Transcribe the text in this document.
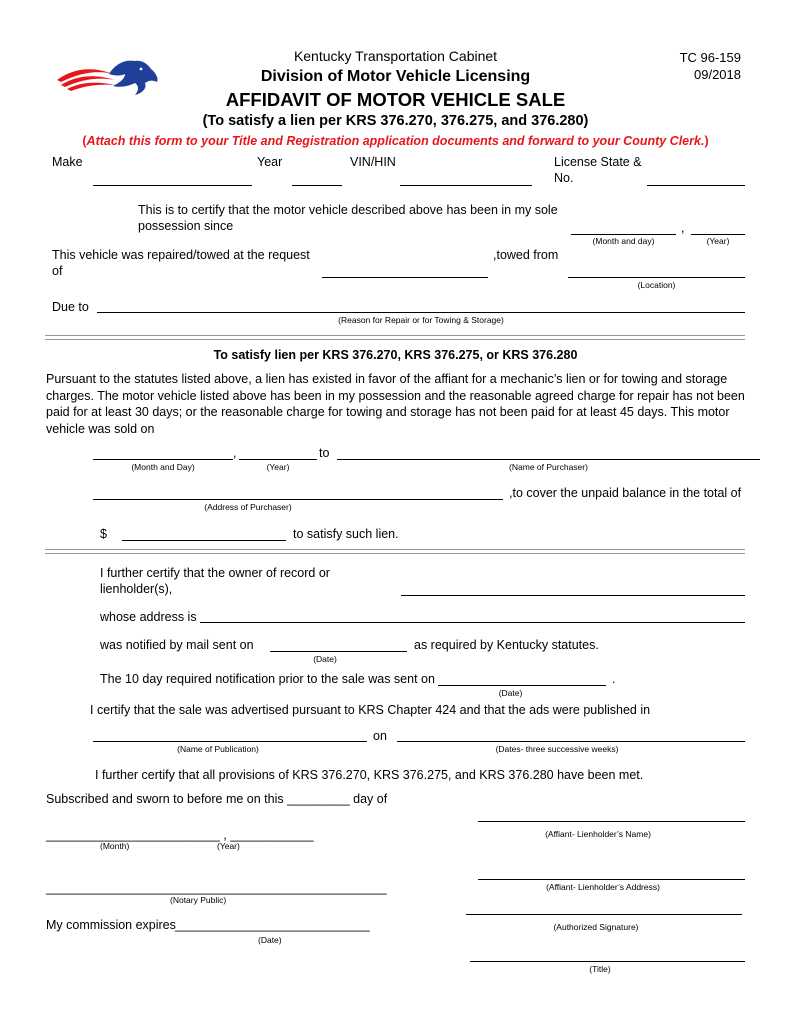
Kentucky Transportation Cabinet
Division of Motor Vehicle Licensing
AFFIDAVIT OF MOTOR VEHICLE SALE
(To satisfy a lien per KRS 376.270, 376.275, and 376.280)
(Attach this form to your Title and Registration application documents and forward to your County Clerk.)
TC 96-159
09/2018
Make	Year	VIN/HIN	License State &
No.
This is to certify that the motor vehicle described above has been in my sole
possession since	,
(Month and day)	(Year)
This vehicle was repaired/towed at the request
of
,towed from
(Location)
Due to
(Reason for Repair or for Towing & Storage)
To satisfy lien per KRS 376.270, KRS 376.275, or KRS 376.280
Pursuant to the statutes listed above, a lien has existed in favor of the affiant for a mechanic’s lien or for towing and storage charges. The motor vehicle listed above has been in my possession and the reasonable agreed charge for repair has not been paid for at least 30 days; or the reasonable charge for towing and storage has not been paid for at least 45 days. This motor vehicle was sold on
,	to
(Month and Day)	(Year)	(Name of Purchaser)
,to cover the unpaid balance in the total of
(Address of Purchaser)
$	to satisfy such lien.
I further certify that the owner of record or
lienholder(s),
whose address is
was notified by mail sent on	as required by Kentucky statutes.
(Date)
The 10 day required notification prior to the sale was sent on	.
(Date)
I certify that the sale was advertised pursuant to KRS Chapter 424 and that the ads were published in
on
(Name of Publication)	(Dates- three successive weeks)
I further certify that all provisions of KRS 376.270, KRS 376.275, and KRS 376.280 have been met.
Subscribed and sworn to before me on this _________ day of
(Affiant- Lienholder’s Name)
_________________________ , ____________
(Month)	(Year)
(Affiant- Lienholder’s Address)
_________________________________________________
(Notary Public)
(Authorized Signature)
My commission expires ____________________________
(Date)
(Title)
